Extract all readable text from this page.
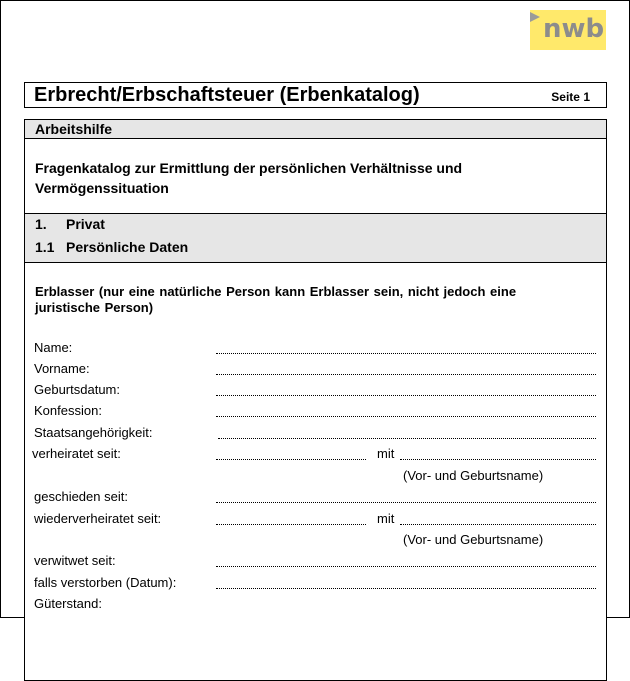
nwb
Erbrecht/Erbschaftsteuer (Erbenkatalog)	Seite 1
Arbeitshilfe
Fragenkatalog zur Ermittlung der persönlichen Verhältnisse und Vermögenssituation
1. Privat
1.1 Persönliche Daten
Erblasser (nur eine natürliche Person kann Erblasser sein, nicht jedoch eine juristische Person)
Name:
Vorname:
Geburtsdatum:
Konfession:
Staatsangehörigkeit:
verheiratet seit:	mit
(Vor- und Geburtsname)
geschieden seit:
wiederverheiratet seit:	mit
(Vor- und Geburtsname)
verwitwet seit:
falls verstorben (Datum):
Güterstand:
